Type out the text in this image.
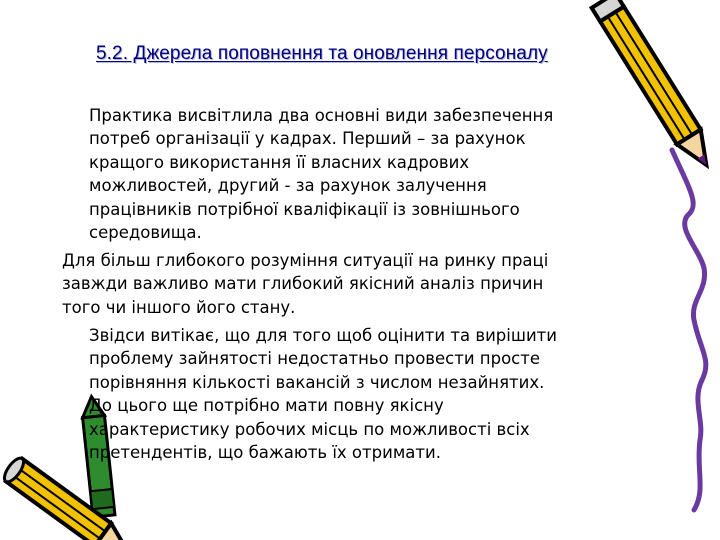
5.2. Джерела поповнення та оновлення персоналу

Практика висвітлила два основні види забезпечення
потреб організації у кадрах. Перший – за рахунок
кращого використання її власних кадрових
можливостей, другий - за рахунок залучення
працівників потрібної кваліфікації із зовнішнього
середовища.

Для більш глибокого розуміння ситуації на ринку праці
завжди важливо мати глибокий якісний аналіз причин
того чи іншого його стану.

Звідси витікає, що для того щоб оцінити та вирішити
проблему зайнятості недостатньо провести просте
порівняння кількості вакансій з числом незайнятих.
До цього ще потрібно мати повну якісну
характеристику робочих місць по можливості всіх
претендентів, що бажають їх отримати.
